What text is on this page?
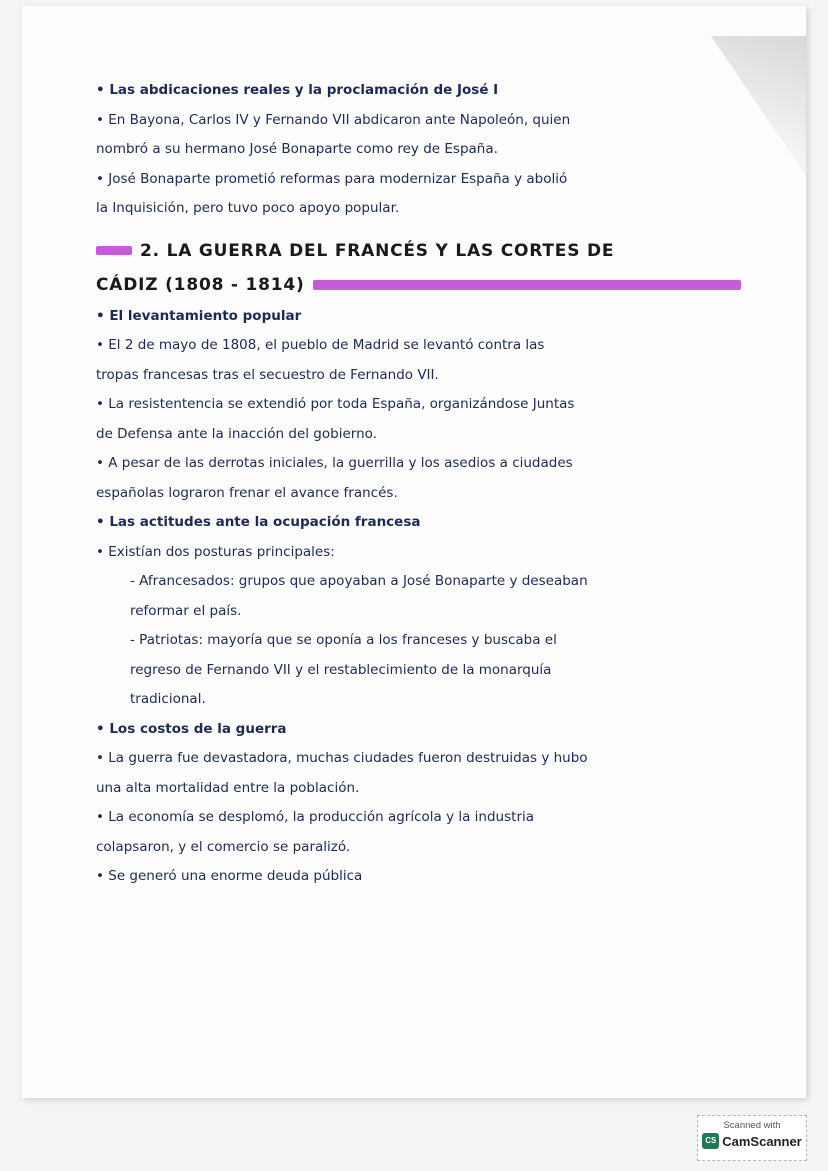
• Las abdicaciones reales y la proclamación de José I
• En Bayona, Carlos IV y Fernando VII abdicaron ante Napoleón, quien
nombró a su hermano José Bonaparte como rey de España.
• José Bonaparte prometió reformas para modernizar España y abolió
la Inquisición, pero tuvo poco apoyo popular.
2. LA GUERRA DEL FRANCÉS Y LAS CORTES DE
CÁDIZ (1808 - 1814)
• El levantamiento popular
• El 2 de mayo de 1808, el pueblo de Madrid se levantó contra las
tropas francesas tras el secuestro de Fernando VII.
• La resistentencia se extendió por toda España, organizándose Juntas
de Defensa ante la inacción del gobierno.
• A pesar de las derrotas iniciales, la guerrilla y los asedios a ciudades
españolas lograron frenar el avance francés.
• Las actitudes ante la ocupación francesa
• Existían dos posturas principales:
- Afrancesados: grupos que apoyaban a José Bonaparte y deseaban
reformar el país.
- Patriotas: mayoría que se oponía a los franceses y buscaba el
regreso de Fernando VII y el restablecimiento de la monarquía
tradicional.
• Los costos de la guerra
• La guerra fue devastadora, muchas ciudades fueron destruidas y hubo
una alta mortalidad entre la población.
• La economía se desplomó, la producción agrícola y la industria
colapsaron, y el comercio se paralizó.
• Se generó una enorme deuda pública
Scanned with
CS CamScanner
